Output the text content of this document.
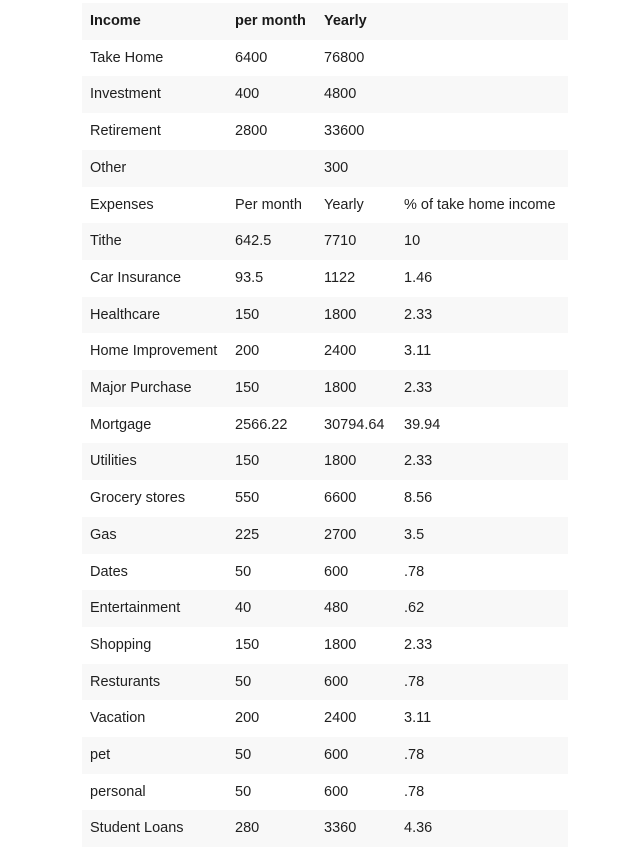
Income	per month	Yearly	
Take Home	6400	76800	
Investment	400	4800	
Retirement	2800	33600	
Other		300	
Expenses	Per month	Yearly	% of take home income
Tithe	642.5	7710	10
Car Insurance	93.5	1122	1.46
Healthcare	150	1800	2.33
Home Improvement	200	2400	3.11
Major Purchase	150	1800	2.33
Mortgage	2566.22	30794.64	39.94
Utilities	150	1800	2.33
Grocery stores	550	6600	8.56
Gas	225	2700	3.5
Dates	50	600	.78
Entertainment	40	480	.62
Shopping	150	1800	2.33
Resturants	50	600	.78
Vacation	200	2400	3.11
pet	50	600	.78
personal	50	600	.78
Student Loans	280	3360	4.36
